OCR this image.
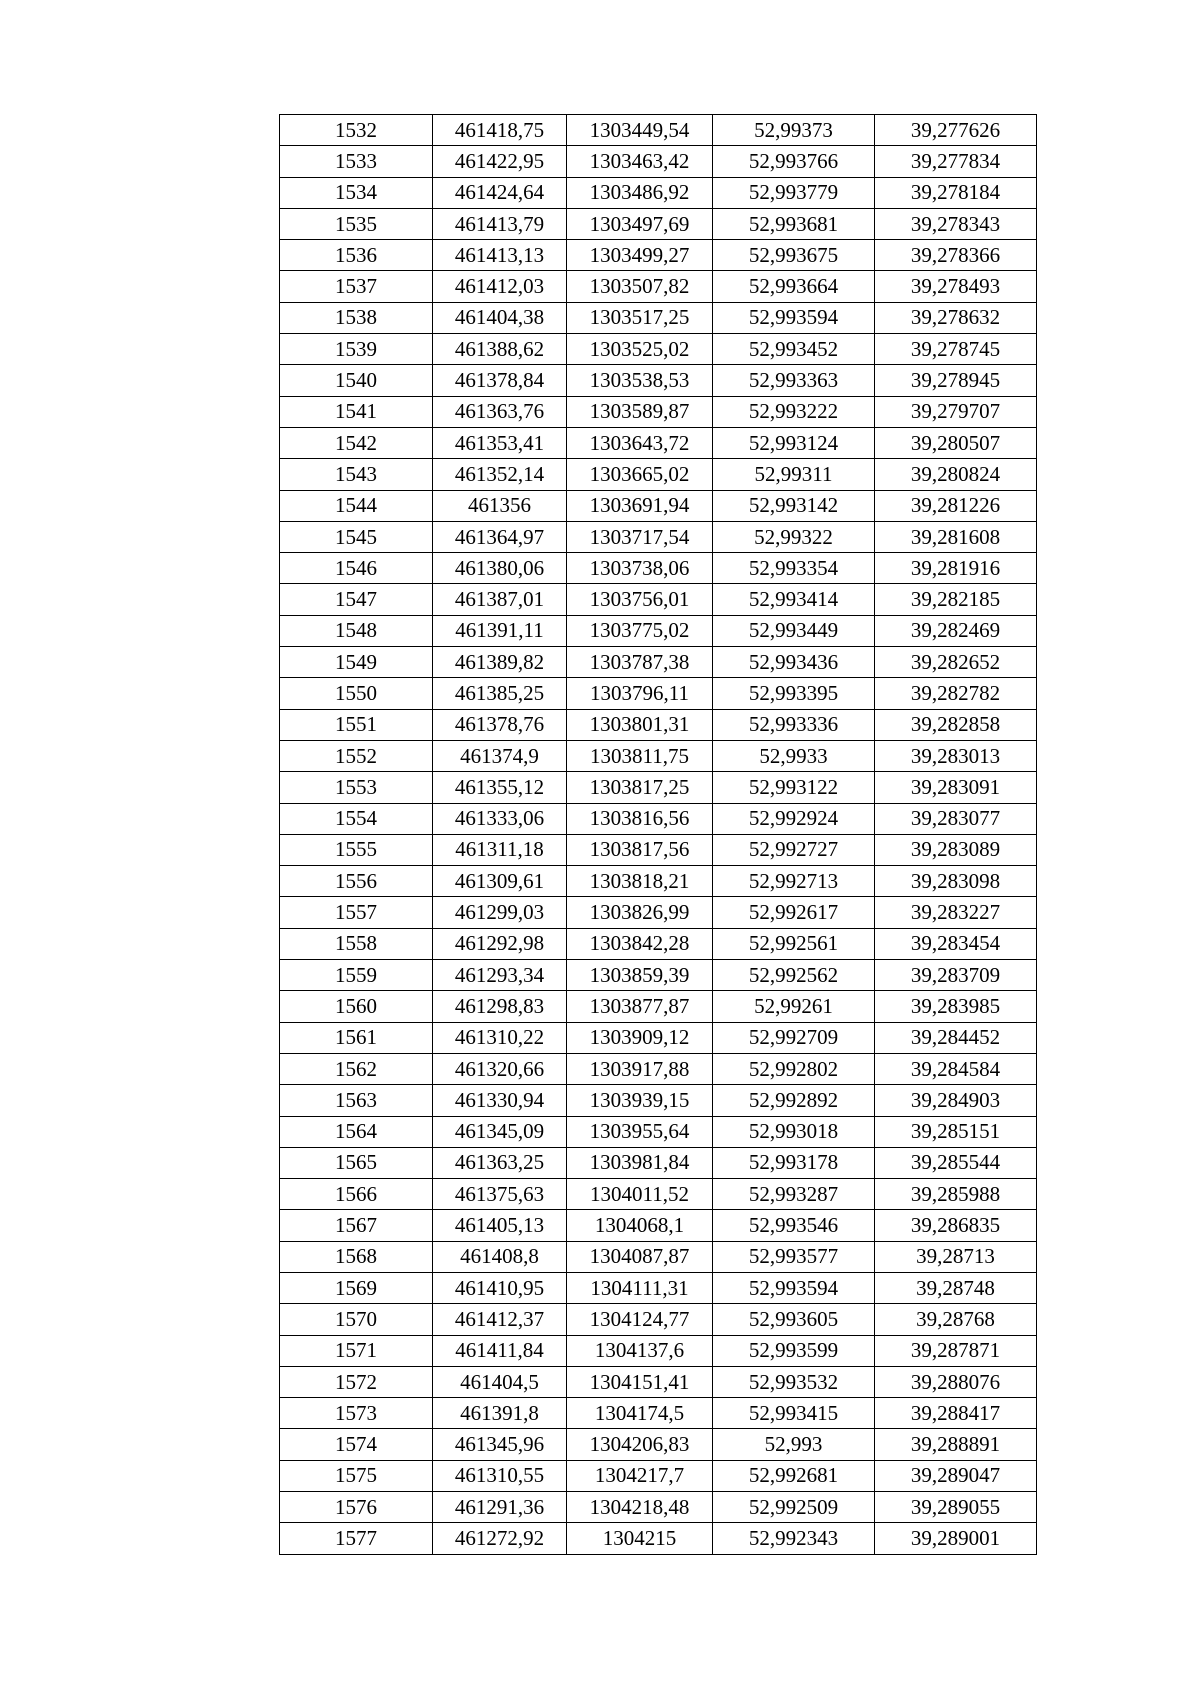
1532	461418,75	1303449,54	52,99373	39,277626
1533	461422,95	1303463,42	52,993766	39,277834
1534	461424,64	1303486,92	52,993779	39,278184
1535	461413,79	1303497,69	52,993681	39,278343
1536	461413,13	1303499,27	52,993675	39,278366
1537	461412,03	1303507,82	52,993664	39,278493
1538	461404,38	1303517,25	52,993594	39,278632
1539	461388,62	1303525,02	52,993452	39,278745
1540	461378,84	1303538,53	52,993363	39,278945
1541	461363,76	1303589,87	52,993222	39,279707
1542	461353,41	1303643,72	52,993124	39,280507
1543	461352,14	1303665,02	52,99311	39,280824
1544	461356	1303691,94	52,993142	39,281226
1545	461364,97	1303717,54	52,99322	39,281608
1546	461380,06	1303738,06	52,993354	39,281916
1547	461387,01	1303756,01	52,993414	39,282185
1548	461391,11	1303775,02	52,993449	39,282469
1549	461389,82	1303787,38	52,993436	39,282652
1550	461385,25	1303796,11	52,993395	39,282782
1551	461378,76	1303801,31	52,993336	39,282858
1552	461374,9	1303811,75	52,9933	39,283013
1553	461355,12	1303817,25	52,993122	39,283091
1554	461333,06	1303816,56	52,992924	39,283077
1555	461311,18	1303817,56	52,992727	39,283089
1556	461309,61	1303818,21	52,992713	39,283098
1557	461299,03	1303826,99	52,992617	39,283227
1558	461292,98	1303842,28	52,992561	39,283454
1559	461293,34	1303859,39	52,992562	39,283709
1560	461298,83	1303877,87	52,99261	39,283985
1561	461310,22	1303909,12	52,992709	39,284452
1562	461320,66	1303917,88	52,992802	39,284584
1563	461330,94	1303939,15	52,992892	39,284903
1564	461345,09	1303955,64	52,993018	39,285151
1565	461363,25	1303981,84	52,993178	39,285544
1566	461375,63	1304011,52	52,993287	39,285988
1567	461405,13	1304068,1	52,993546	39,286835
1568	461408,8	1304087,87	52,993577	39,28713
1569	461410,95	1304111,31	52,993594	39,28748
1570	461412,37	1304124,77	52,993605	39,28768
1571	461411,84	1304137,6	52,993599	39,287871
1572	461404,5	1304151,41	52,993532	39,288076
1573	461391,8	1304174,5	52,993415	39,288417
1574	461345,96	1304206,83	52,993	39,288891
1575	461310,55	1304217,7	52,992681	39,289047
1576	461291,36	1304218,48	52,992509	39,289055
1577	461272,92	1304215	52,992343	39,289001
